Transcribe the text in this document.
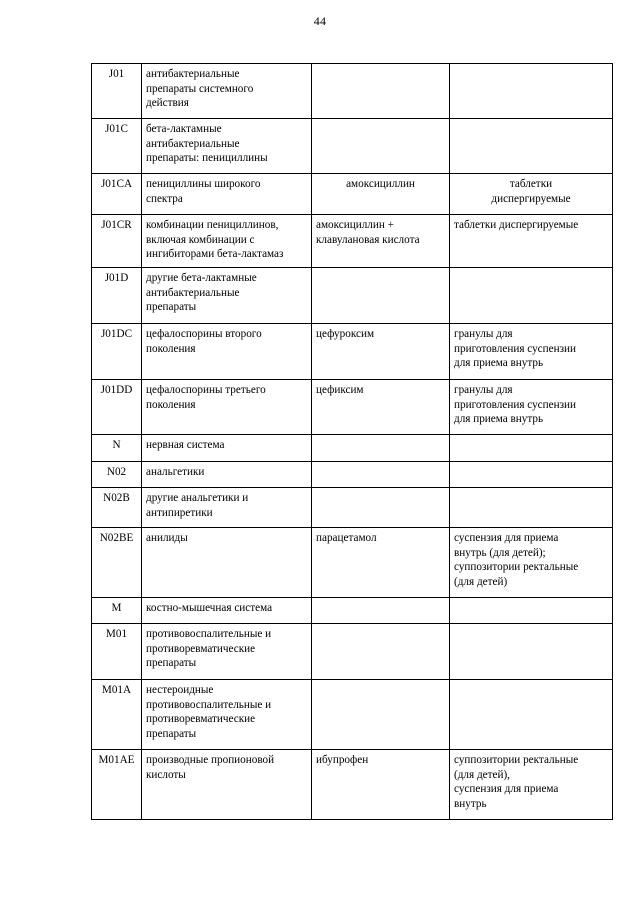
44
J01	антибактериальные
препараты системного
действия		
J01C	бета-лактамные
антибактериальные
препараты: пенициллины		
J01CA	пенициллины широкого
спектра	амоксициллин	таблетки
диспергируемые
J01CR	комбинации пенициллинов,
включая комбинации с
ингибиторами бета-лактамаз	амоксициллин +
клавулановая кислота	таблетки диспергируемые
J01D	другие бета-лактамные
антибактериальные
препараты		
J01DC	цефалоспорины второго
поколения	цефуроксим	гранулы для
приготовления суспензии
для приема внутрь
J01DD	цефалоспорины третьего
поколения	цефиксим	гранулы для
приготовления суспензии
для приема внутрь
N	нервная система		
N02	анальгетики		
N02B	другие анальгетики и
антипиретики		
N02BE	анилиды	парацетамол	суспензия для приема
внутрь (для детей);
суппозитории ректальные
(для детей)
M	костно-мышечная система		
M01	противовоспалительные и
противоревматические
препараты		
M01A	нестероидные
противовоспалительные и
противоревматические
препараты		
M01AE	производные пропионовой
кислоты	ибупрофен	суппозитории ректальные
(для детей),
суспензия для приема
внутрь
